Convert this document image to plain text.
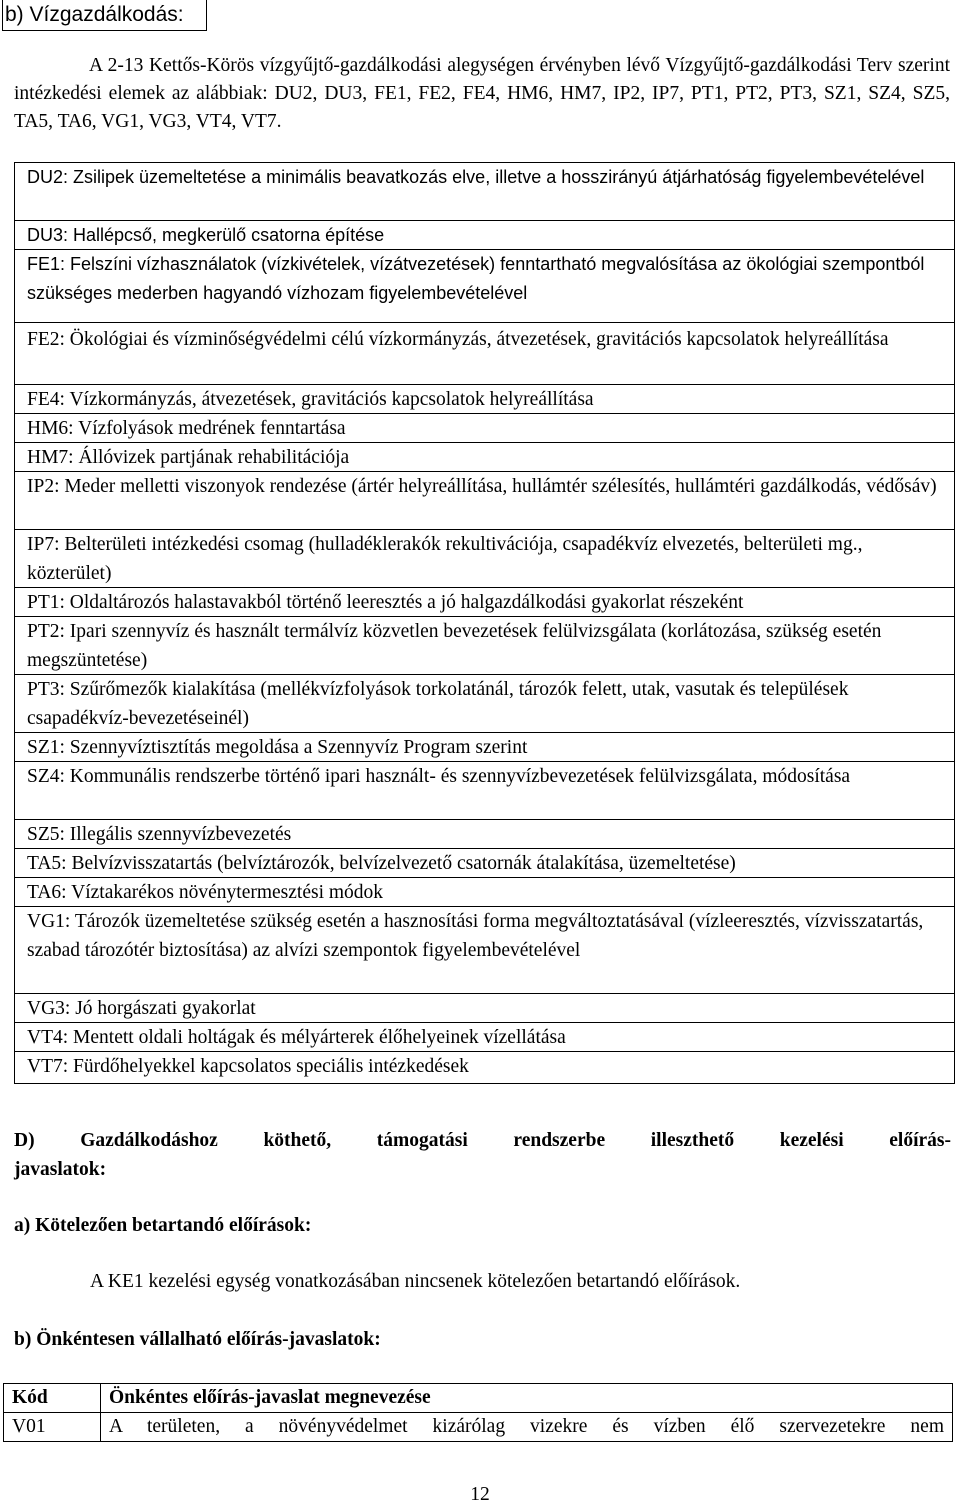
b) Vízgazdálkodás:
A 2-13 Kettős-Körös vízgyűjtő-gazdálkodási alegységen érvényben lévő Vízgyűjtő-gazdálkodási Terv szerint intézkedési elemek az alábbiak: DU2, DU3, FE1, FE2, FE4, HM6, HM7, IP2, IP7, PT1, PT2, PT3, SZ1, SZ4, SZ5, TA5, TA6, VG1, VG3, VT4, VT7.
DU2: Zsilipek üzemeltetése a minimális beavatkozás elve, illetve a hosszirányú átjárhatóság figyelembevételével
DU3: Hallépcső, megkerülő csatorna építése
FE1: Felszíni vízhasználatok (vízkivételek, vízátvezetések) fenntartható megvalósítása az ökológiai szempontból szükséges mederben hagyandó vízhozam figyelembevételével
FE2: Ökológiai és vízminőségvédelmi célú vízkormányzás, átvezetések, gravitációs kapcsolatok helyreállítása
FE4: Vízkormányzás, átvezetések, gravitációs kapcsolatok helyreállítása
HM6: Vízfolyások medrének fenntartása
HM7: Állóvizek partjának rehabilitációja
IP2: Meder melletti viszonyok rendezése (ártér helyreállítása, hullámtér szélesítés, hullámtéri gazdálkodás, védősáv)
IP7: Belterületi intézkedési csomag (hulladéklerakók rekultivációja, csapadékvíz elvezetés, belterületi mg., közterület)
PT1: Oldaltározós halastavakból történő leeresztés a jó halgazdálkodási gyakorlat részeként
PT2: Ipari szennyvíz és használt termálvíz közvetlen bevezetések felülvizsgálata (korlátozása, szükség esetén megszüntetése)
PT3: Szűrőmezők kialakítása (mellékvízfolyások torkolatánál, tározók felett, utak, vasutak és települések csapadékvíz-bevezetéseinél)
SZ1: Szennyvíztisztítás megoldása a Szennyvíz Program szerint
SZ4: Kommunális rendszerbe történő ipari használt- és szennyvízbevezetések felülvizsgálata, módosítása
SZ5: Illegális szennyvízbevezetés
TA5: Belvízvisszatartás (belvíztározók, belvízelvezető csatornák átalakítása, üzemeltetése)
TA6: Víztakarékos növénytermesztési módok
VG1: Tározók üzemeltetése szükség esetén a hasznosítási forma megváltoztatásával (vízleeresztés, vízvisszatartás, szabad tározótér biztosítása) az alvízi szempontok figyelembevételével
VG3: Jó horgászati gyakorlat
VT4: Mentett oldali holtágak és mélyárterek élőhelyeinek vízellátása
VT7: Fürdőhelyekkel kapcsolatos speciális intézkedések
D) Gazdálkodáshoz köthető, támogatási rendszerbe illeszthető kezelési előírás-
javaslatok:
a) Kötelezően betartandó előírások:
A KE1 kezelési egység vonatkozásában nincsenek kötelezően betartandó előírások.
b) Önkéntesen vállalható előírás-javaslatok:
Kód	Önkéntes előírás-javaslat megnevezése
V01	A területen, a növényvédelmet kizárólag vizekre és vízben élő szervezetekre nem
12
